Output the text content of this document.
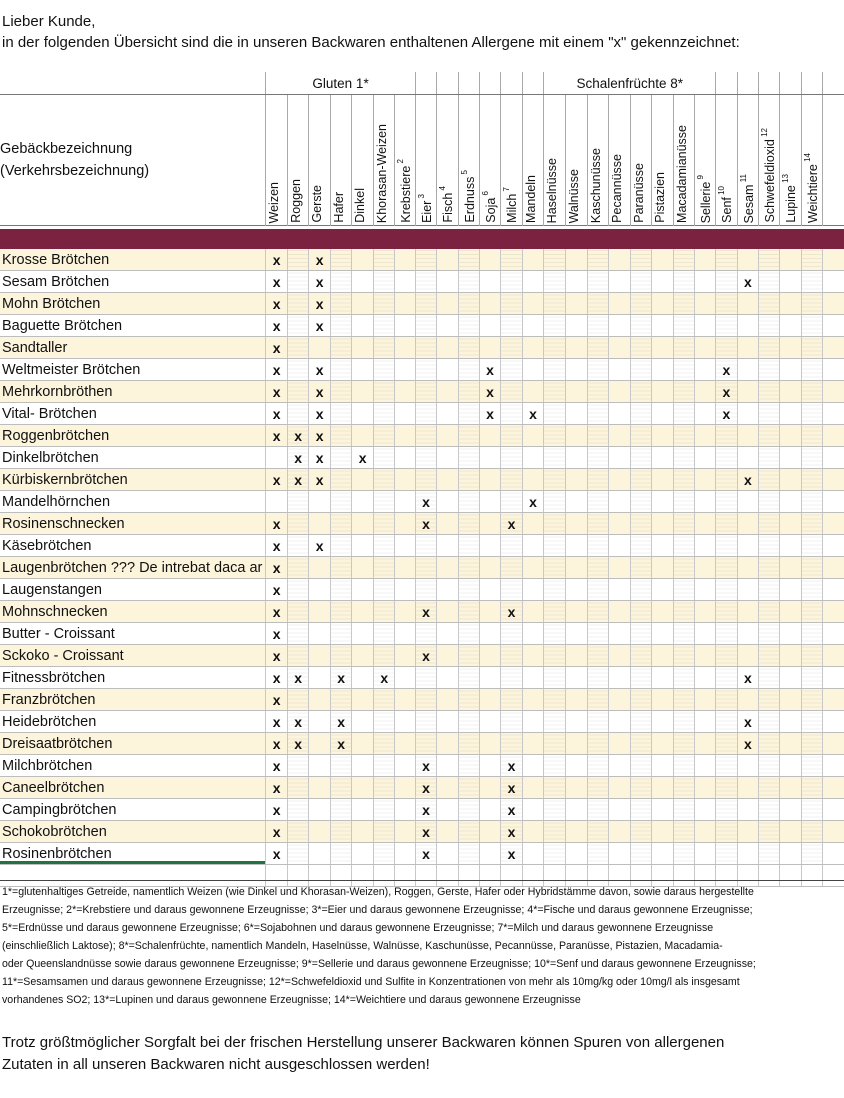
Lieber Kunde,
in der folgenden Übersicht sind die in unseren Backwaren enthaltenen Allergene mit einem "x" gekennzeichnet:
	Gluten 1*													Schalenfrüchte 8*													

Gebäckbezeichnung
(Verkehrsbezeichnung)	Weizen	Roggen	Gerste	Hafer	Dinkel	Khorasan-Weizen	Krebstiere $^2$	Eier $^3$	Fisch $^4$	Erdnuss $^5$	Soja $^6$	Milch $^7$	Mandeln	Haselnüsse	Walnüsse	Kaschunüsse	Pecannüsse	Paranüsse	Pistazien	Macadamianüsse	Sellerie $^9$	Senf $^{10}$	Sesam $^{11}$	Schwefeldioxid $^{12}$	Lupine $^{13}$	Weichtiere $^{14}$

Krosse Brötchen	x		x																								
Sesam Brötchen	x		x																				x				
Mohn Brötchen	x		x																								
Baguette Brötchen	x		x																								
Sandtaller	x																										
Weltmeister Brötchen	x		x								x											x					
Mehrkornbröthen	x		x								x											x					
Vital- Brötchen	x		x								x		x									x					
Roggenbrötchen	x	x	x																								
Dinkelbrötchen		x	x		x																						
Kürbiskernbrötchen	x	x	x																				x				
Mandelhörnchen								x					x														
Rosinenschnecken	x							x				x															
Käsebrötchen	x		x																								
Laugenbrötchen ??? De intrebat daca ar	x																										
Laugenstangen	x																										
Mohnschnecken	x							x				x															
Butter - Croissant	x																										
Sckoko - Croissant	x							x																			
Fitnessbrötchen	x	x		x		x																	x				
Franzbrötchen	x																										
Heidebrötchen	x	x		x																			x				
Dreisaatbrötchen	x	x		x																			x				
Milchbrötchen	x							x				x															
Caneelbrötchen	x							x				x															
Campingbrötchen	x							x				x															
Schokobrötchen	x							x				x															
Rosinenbrötchen	x							x				x															

1*=glutenhaltiges Getreide, namentlich Weizen (wie Dinkel und Khorasan-Weizen), Roggen, Gerste, Hafer oder Hybridstämme davon, sowie daraus hergestellte
Erzeugnisse; 2*=Krebstiere und daraus gewonnene Erzeugnisse; 3*=Eier und daraus gewonnene Erzeugnisse; 4*=Fische und daraus gewonnene Erzeugnisse;
5*=Erdnüsse und daraus gewonnene Erzeugnisse; 6*=Sojabohnen und daraus gewonnene Erzeugnisse; 7*=Milch und daraus gewonnene Erzeugnisse
(einschließlich Laktose); 8*=Schalenfrüchte, namentlich Mandeln, Haselnüsse, Walnüsse, Kaschunüsse, Pecannüsse, Paranüsse, Pistazien, Macadamia-
oder Queenslandnüsse sowie daraus gewonnene Erzeugnisse; 9*=Sellerie und daraus gewonnene Erzeugnisse; 10*=Senf und daraus gewonnene Erzeugnisse;
11*=Sesamsamen und daraus gewonnene Erzeugnisse; 12*=Schwefeldioxid und Sulfite in Konzentrationen von mehr als 10mg/kg oder 10mg/l als insgesamt
vorhandenes SO2; 13*=Lupinen und daraus gewonnene Erzeugnisse; 14*=Weichtiere und daraus gewonnene Erzeugnisse
Trotz größtmöglicher Sorgfalt bei der frischen Herstellung unserer Backwaren können Spuren von allergenen
Zutaten in all unseren Backwaren nicht ausgeschlossen werden!
